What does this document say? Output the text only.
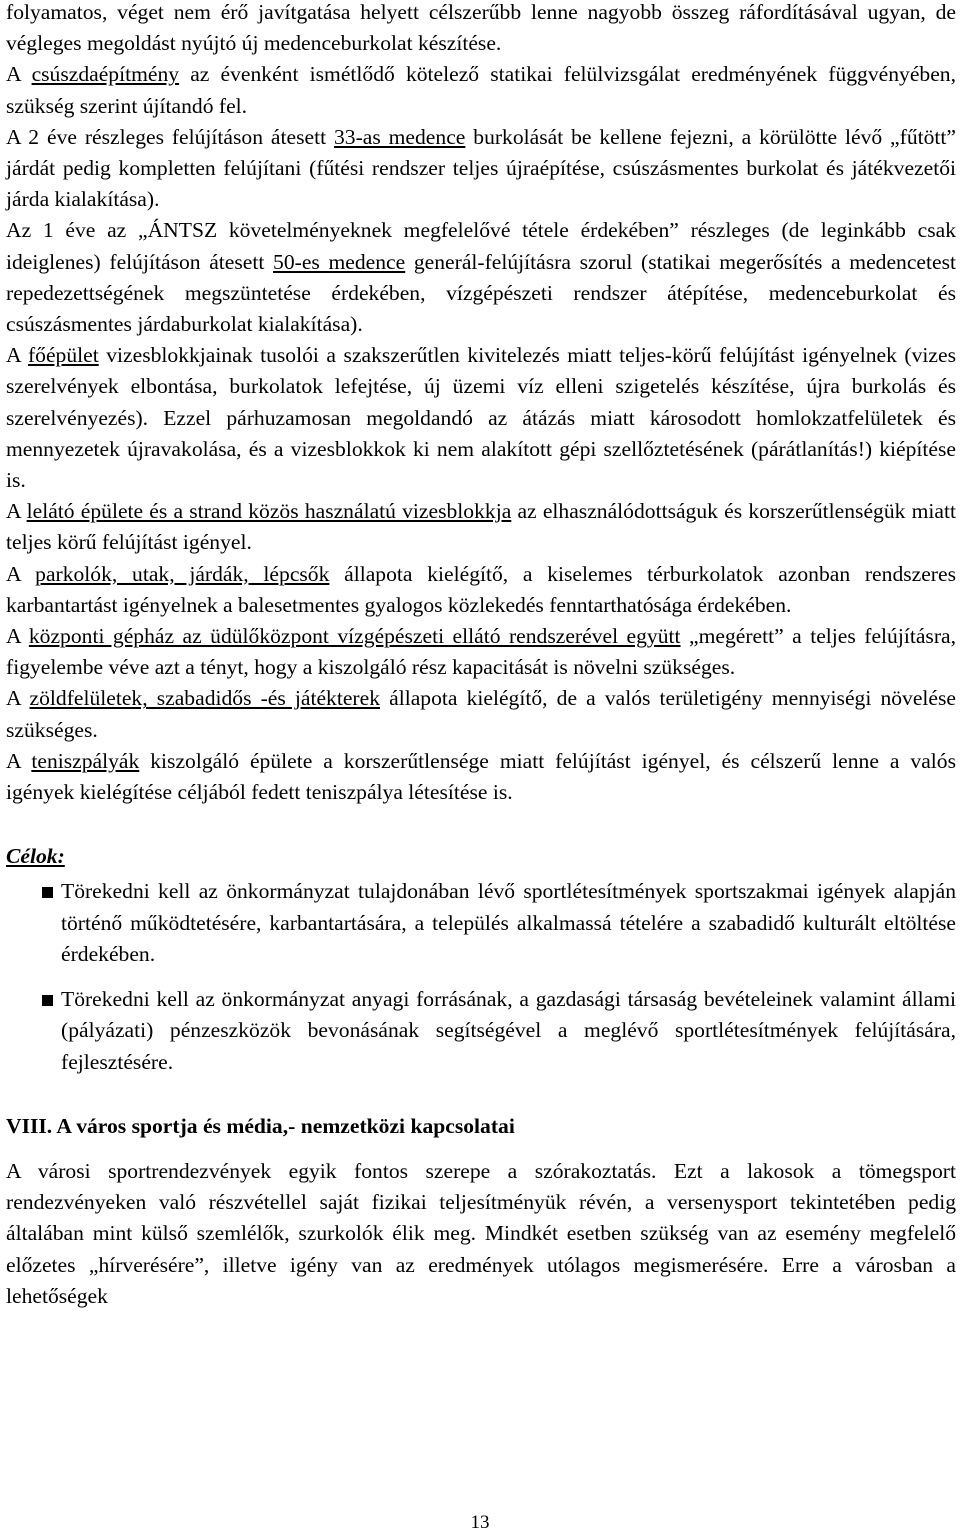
folyamatos, véget nem érő javítgatása helyett célszerűbb lenne nagyobb összeg ráfordításával ugyan, de végleges megoldást nyújtó új medenceburkolat készítése.

A csúszdaépítmény az évenként ismétlődő kötelező statikai felülvizsgálat eredményének függvényében, szükség szerint újítandó fel.

A 2 éve részleges felújításon átesett 33-as medence burkolását be kellene fejezni, a körülötte lévő „fűtött” járdát pedig kompletten felújítani (fűtési rendszer teljes újraépítése, csúszásmentes burkolat és játékvezetői járda kialakítása).

Az 1 éve az „ÁNTSZ követelményeknek megfelelővé tétele érdekében” részleges (de leginkább csak ideiglenes) felújításon átesett 50-es medence generál-felújításra szorul (statikai megerősítés a medencetest repedezettségének megszüntetése érdekében, vízgépészeti rendszer átépítése, medenceburkolat és csúszásmentes járdaburkolat kialakítása).

A főépület vizesblokkjainak tusolói a szakszerűtlen kivitelezés miatt teljes-körű felújítást igényelnek (vizes szerelvények elbontása, burkolatok lefejtése, új üzemi víz elleni szigetelés készítése, újra burkolás és szerelvényezés). Ezzel párhuzamosan megoldandó az átázás miatt károsodott homlokzatfelületek és mennyezetek újravakolása, és a vizesblokkok ki nem alakított gépi szellőztetésének (párátlanítás!) kiépítése is.

A lelátó épülete és a strand közös használatú vizesblokkja az elhasználódottságuk és korszerűtlenségük miatt teljes körű felújítást igényel.

A parkolók, utak, járdák, lépcsők állapota kielégítő, a kiselemes térburkolatok azonban rendszeres karbantartást igényelnek a balesetmentes gyalogos közlekedés fenntarthatósága érdekében.

A központi gépház az üdülőközpont vízgépészeti ellátó rendszerével együtt „megérett” a teljes felújításra, figyelembe véve azt a tényt, hogy a kiszolgáló rész kapacitását is növelni szükséges.

A zöldfelületek, szabadidős -és játékterek állapota kielégítő, de a valós területigény mennyiségi növelése szükséges.

A teniszpályák kiszolgáló épülete a korszerűtlensége miatt felújítást igényel, és célszerű lenne a valós igények kielégítése céljából fedett teniszpálya létesítése is.

Célok:

Törekedni kell az önkormányzat tulajdonában lévő sportlétesítmények sportszakmai igények alapján történő működtetésére, karbantartására, a település alkalmassá tételére a szabadidő kulturált eltöltése érdekében.
Törekedni kell az önkormányzat anyagi forrásának, a gazdasági társaság bevételeinek valamint állami (pályázati) pénzeszközök bevonásának segítségével a meglévő sportlétesítmények felújítására, fejlesztésére.
VIII. A város sportja és média,- nemzetközi kapcsolatai

A városi sportrendezvények egyik fontos szerepe a szórakoztatás. Ezt a lakosok a tömegsport rendezvényeken való részvétellel saját fizikai teljesítményük révén, a versenysport tekintetében pedig általában mint külső szemlélők, szurkolók élik meg. Mindkét esetben szükség van az esemény megfelelő előzetes „hírverésére”, illetve igény van az eredmények utólagos megismerésére. Erre a városban a lehetőségek

13
